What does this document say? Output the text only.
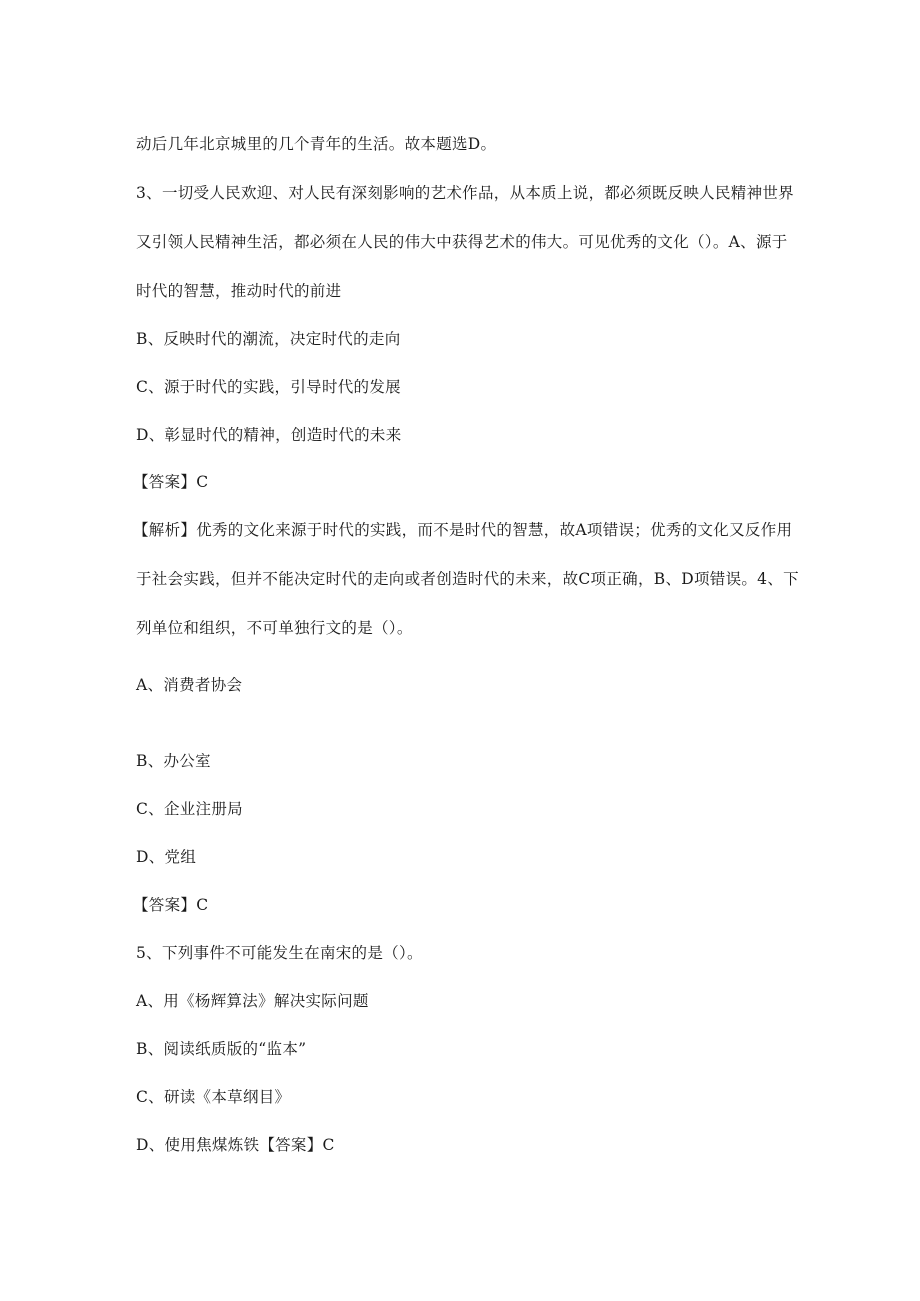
动后几年北京城里的几个青年的生活。故本题选D。
3、一切受人民欢迎、对人民有深刻影响的艺术作品，从本质上说，都必须既反映人民精神世界
又引领人民精神生活，都必须在人民的伟大中获得艺术的伟大。可见优秀的文化（）。A、源于
时代的智慧，推动时代的前进
B、反映时代的潮流，决定时代的走向
C、源于时代的实践，引导时代的发展
D、彰显时代的精神，创造时代的未来
【答案】C
【解析】优秀的文化来源于时代的实践，而不是时代的智慧，故A项错误；优秀的文化又反作用
于社会实践，但并不能决定时代的走向或者创造时代的未来，故C项正确，B、D项错误。4、下
列单位和组织，不可单独行文的是（）。
A、消费者协会
B、办公室
C、企业注册局
D、党组
【答案】C
5、下列事件不可能发生在南宋的是（）。
A、用《杨辉算法》解决实际问题
B、阅读纸质版的“监本”
C、研读《本草纲目》
D、使用焦煤炼铁【答案】C
